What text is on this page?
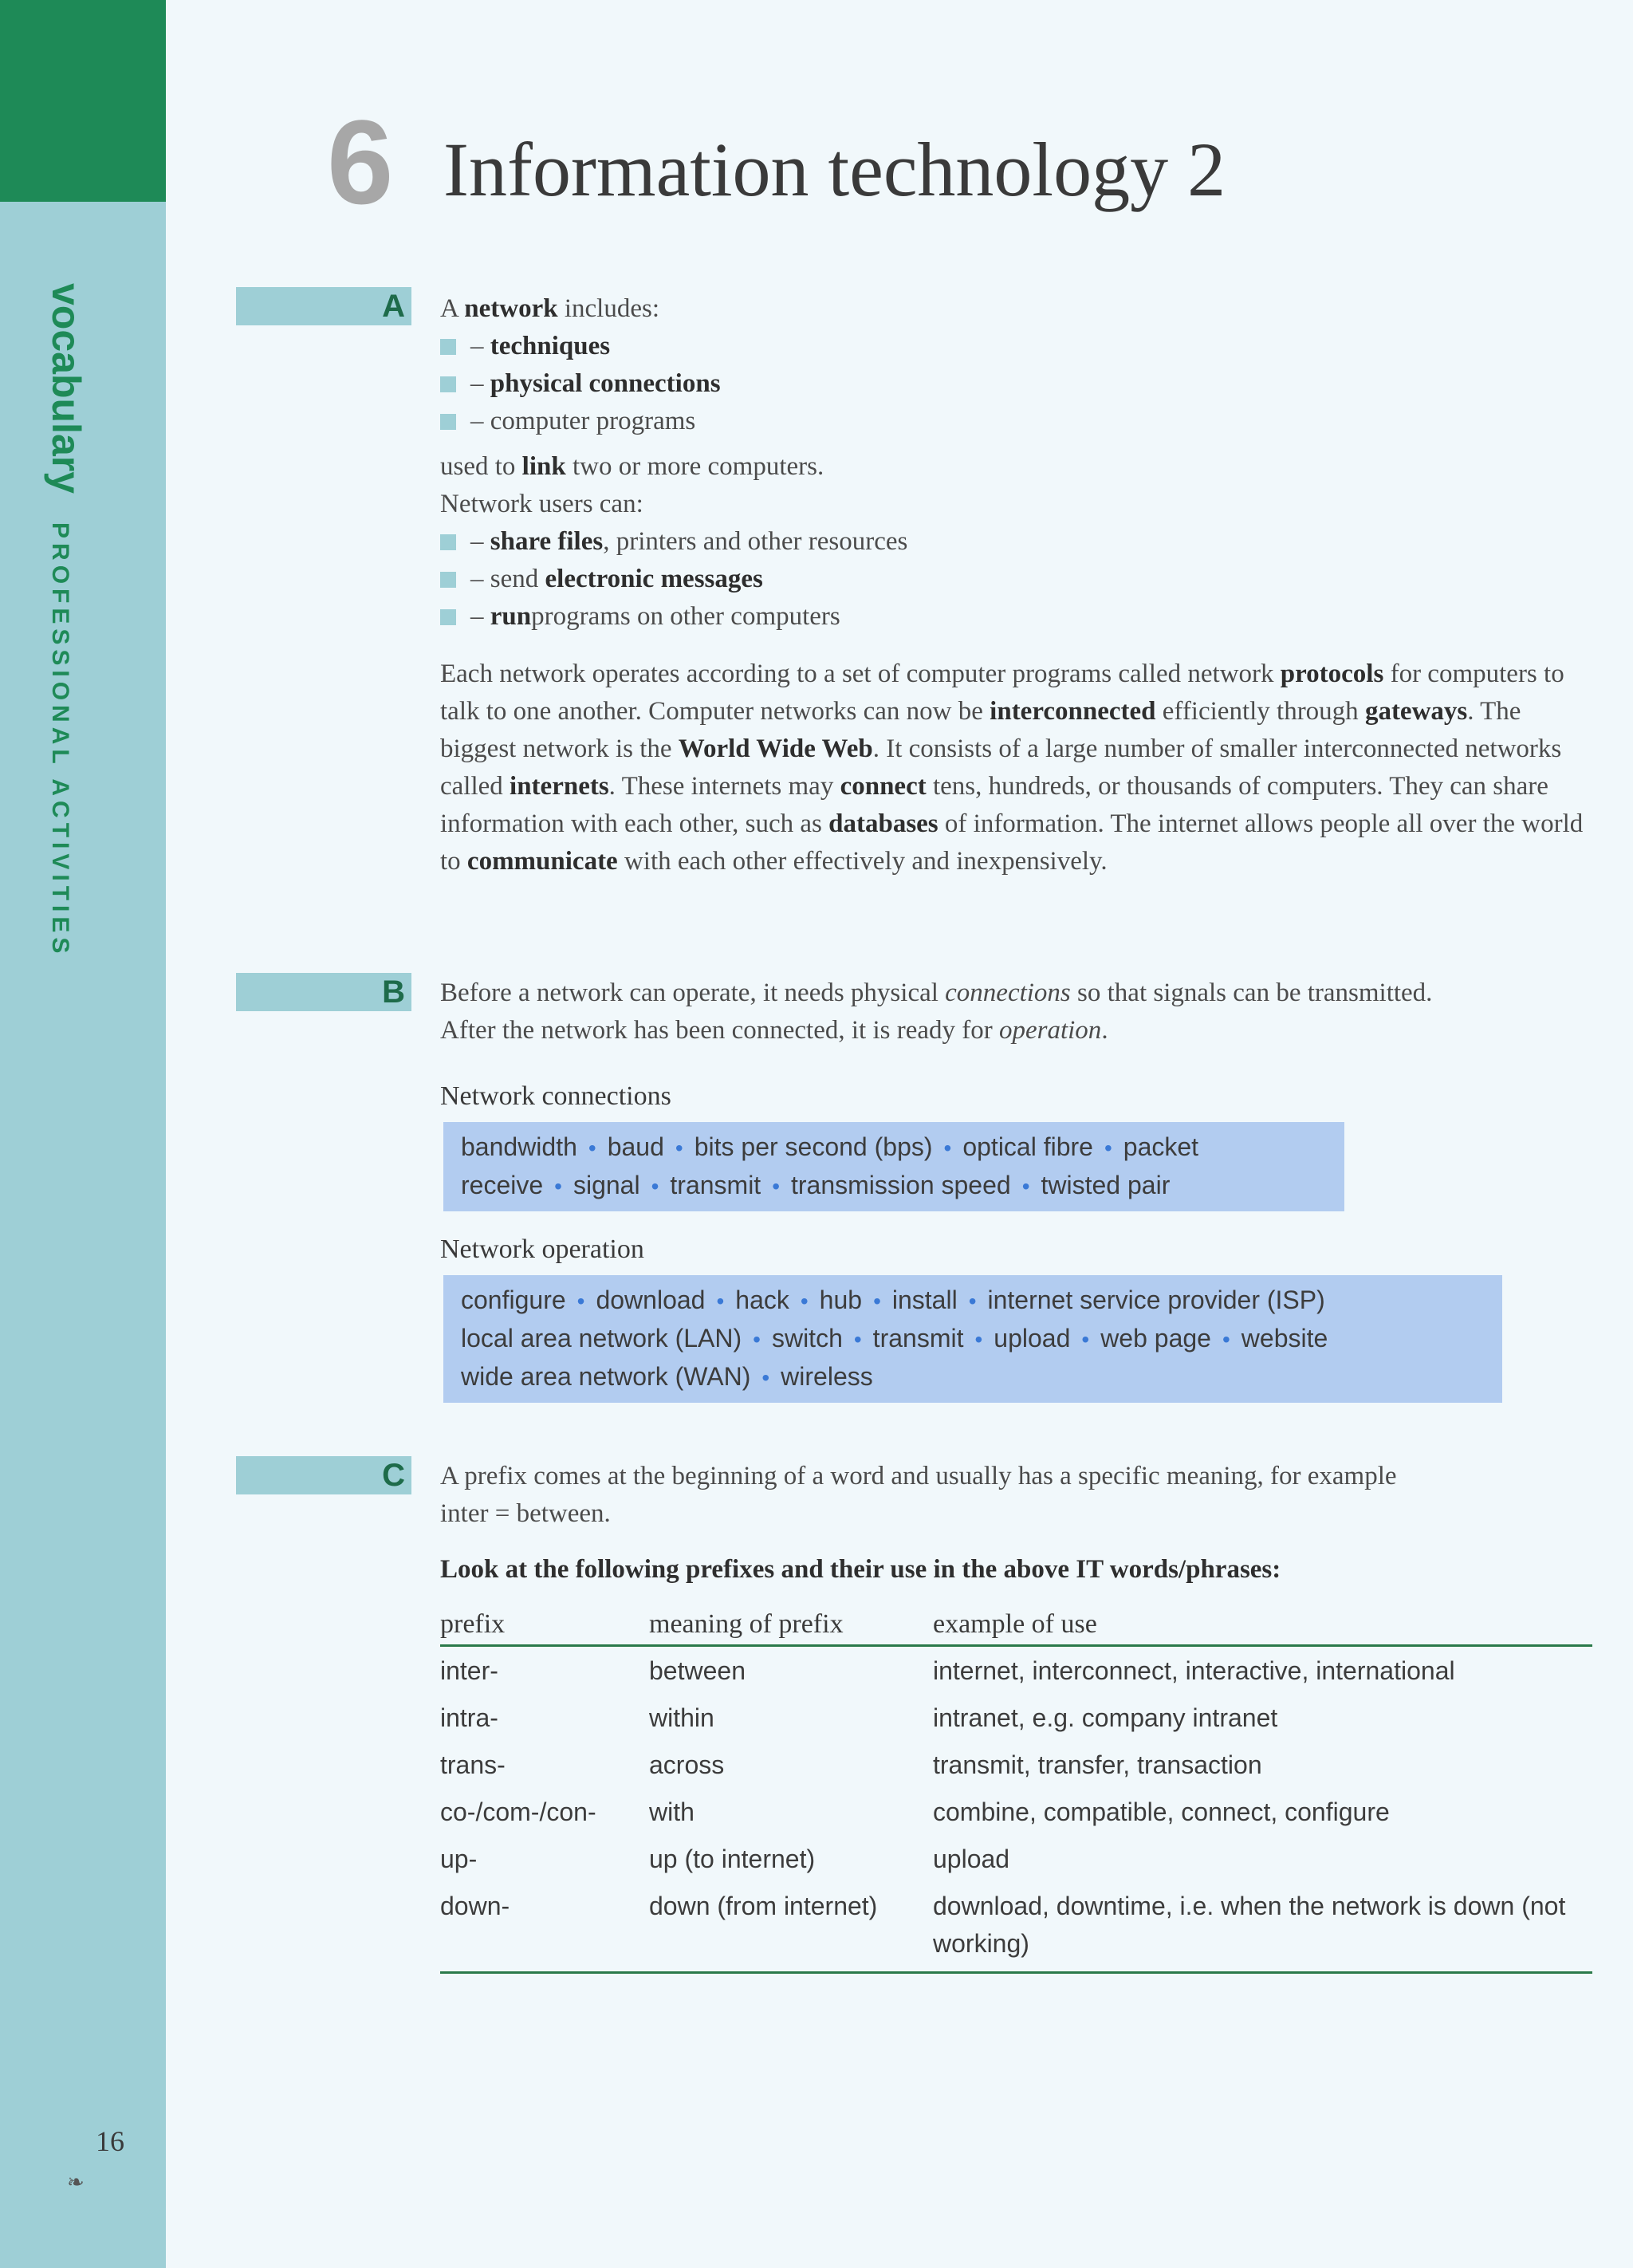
vocabulary
PROFESSIONAL ACTIVITIES
16
❧
6 Information technology 2
A A network includes:
–
techniques
–
physical connections
–
computer programs
used to link two or more computers.
Network users can:
–
share files , printers and other resources
–
send
electronic messages
–
run programs on other computers
Each network operates according to a set of computer programs called network protocols for computers to talk to one another. Computer networks can now be interconnected efficiently through gateways. The biggest network is the World Wide Web. It consists of a large number of smaller interconnected networks called internets. These internets may connect tens, hundreds, or thousands of computers. They can share information with each other, such as databases of information. The internet allows people all over the world to communicate with each other effectively and inexpensively.
B Before a network can operate, it needs physical connections so that signals can be transmitted.
After the network has been connected, it is ready for operation.
Network connections
bandwidth • baud • bits per second (bps) • optical fibre • packet
receive • signal • transmit • transmission speed • twisted pair
Network operation
configure • download • hack • hub • install • internet service provider (ISP)
local area network (LAN) • switch • transmit • upload • web page • website
wide area network (WAN) • wireless
C A prefix comes at the beginning of a word and usually has a specific meaning, for example
inter = between.
Look at the following prefixes and their use in the above IT words/phrases:
prefix	meaning of prefix	example of use
inter-	between	internet, interconnect, interactive, international
intra-	within	intranet, e.g. company intranet
trans-	across	transmit, transfer, transaction
co-/com-/con-	with	combine, compatible, connect, configure
up-	up (to internet)	upload
down-	down (from internet)	download, downtime, i.e. when the network is down (not working)
